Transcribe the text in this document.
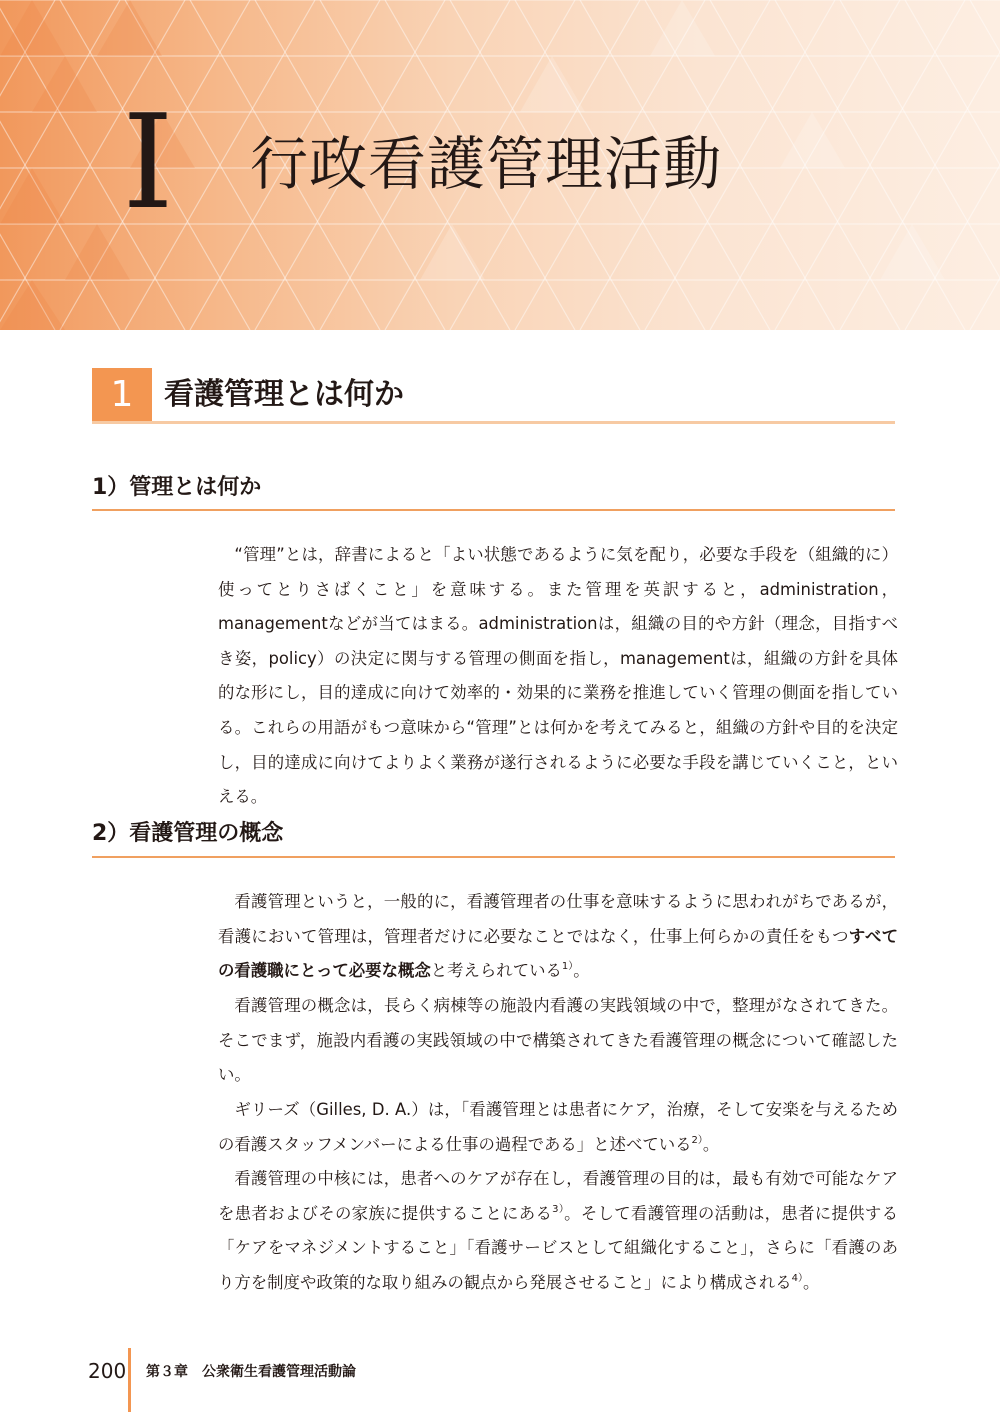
I 行政看護管理活動
1	看護管理とは何か
1）管理とは何か

“管理”とは，辞書によると「よい状態であるように気を配り，必要な手段を（組織的に）使ってとりさばくこと」を意味する。また管理を英訳すると，administration，managementなどが当てはまる。administrationは，組織の目的や方針（理念，目指すべき姿，policy）の決定に関与する管理の側面を指し，managementは，組織の方針を具体的な形にし，目的達成に向けて効率的・効果的に業務を推進していく管理の側面を指している。これらの用語がもつ意味から“管理”とは何かを考えてみると，組織の方針や目的を決定し，目的達成に向けてよりよく業務が遂行されるように必要な手段を講じていくこと，といえる。

2）看護管理の概念

看護管理というと，一般的に，看護管理者の仕事を意味するように思われがちであるが，看護において管理は，管理者だけに必要なことではなく，仕事上何らかの責任をもつすべての看護職にとって必要な概念と考えられている$^{1)}$。

看護管理の概念は，長らく病棟等の施設内看護の実践領域の中で，整理がなされてきた。そこでまず，施設内看護の実践領域の中で構築されてきた看護管理の概念について確認したい。

ギリーズ（Gilles, D. A.）は，「看護管理とは患者にケア，治療，そして安楽を与えるための看護スタッフメンバーによる仕事の過程である」と述べている$^{2)}$。

看護管理の中核には，患者へのケアが存在し，看護管理の目的は，最も有効で可能なケアを患者およびその家族に提供することにある$^{3)}$。そして看護管理の活動は，患者に提供する「ケアをマネジメントすること」「看護サービスとして組織化すること」，さらに「看護のあり方を制度や政策的な取り組みの観点から発展させること」により構成される$^{4)}$。

200 第３章　公衆衛生看護管理活動論
